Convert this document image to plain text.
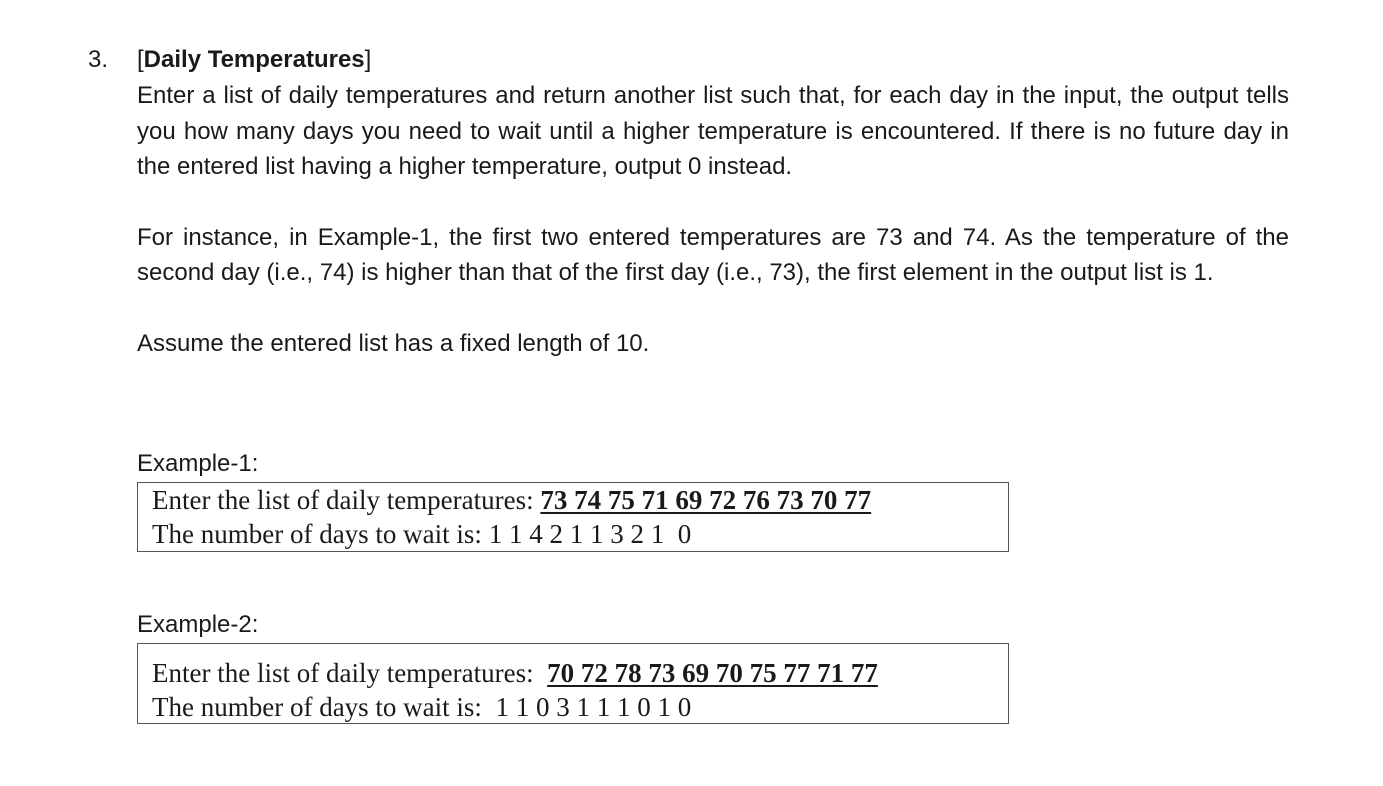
3. [Daily Temperatures]

Enter a list of daily temperatures and return another list such that, for each day in the input, the output tells you how many days you need to wait until a higher temperature is encountered. If there is no future day in the entered list having a higher temperature, output 0 instead.

For instance, in Example-1, the first two entered temperatures are 73 and 74. As the temperature of the second day (i.e., 74) is higher than that of the first day (i.e., 73), the first element in the output list is 1.

Assume the entered list has a fixed length of 10.

Example-1:
Enter the list of daily temperatures: 73 74 75 71 69 72 76 73 70 77
The number of days to wait is: 1 1 4 2 1 1 3 2 1  0
Example-2:
Enter the list of daily temperatures:  70 72 78 73 69 70 75 77 71 77
The number of days to wait is:  1 1 0 3 1 1 1 0 1 0
